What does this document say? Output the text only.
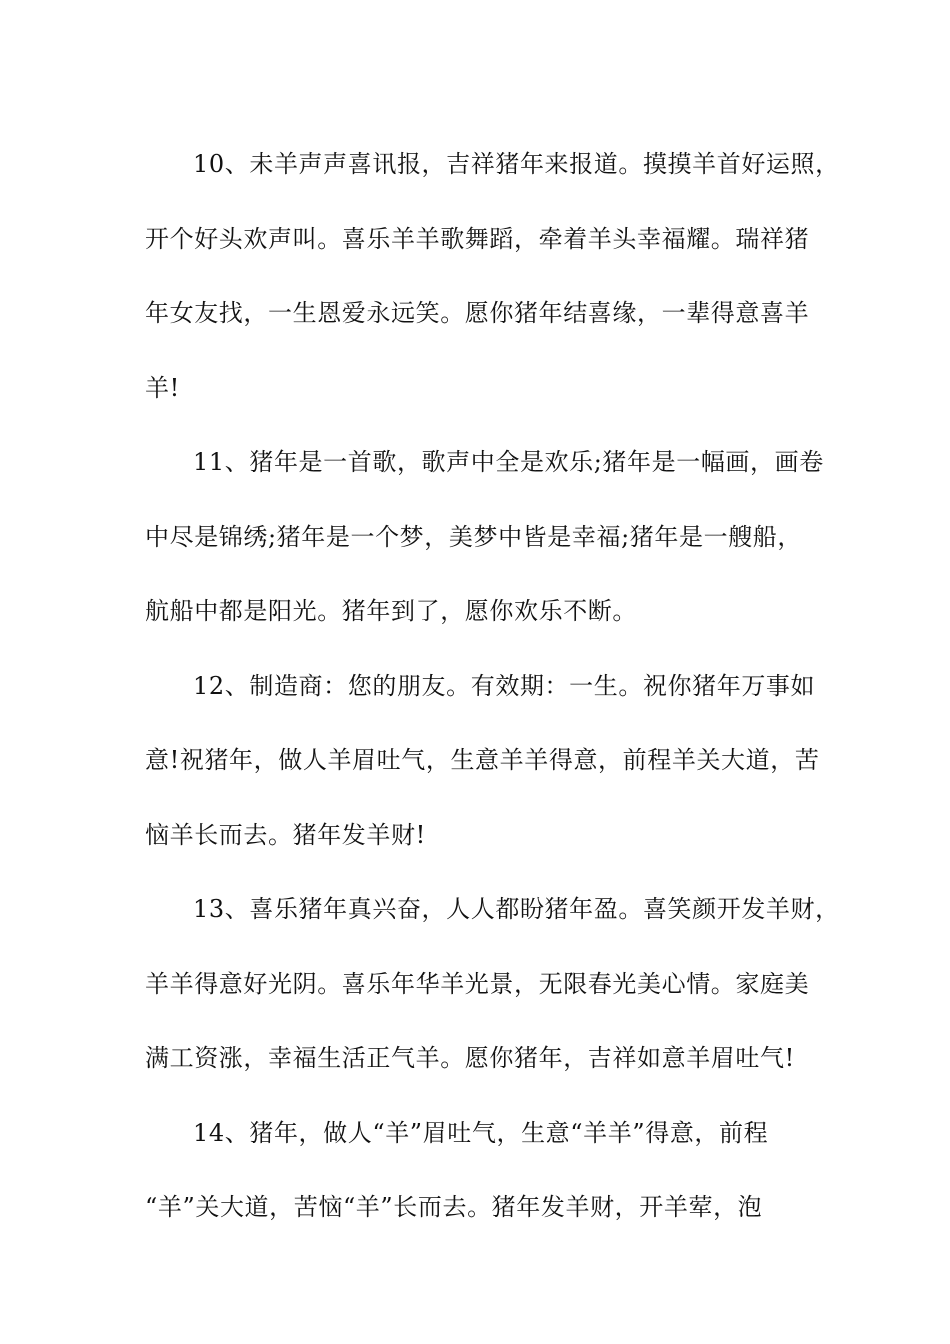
10、未羊声声喜讯报，吉祥猪年来报道。摸摸羊首好运照，
开个好头欢声叫。喜乐羊羊歌舞蹈，牵着羊头幸福耀。瑞祥猪
年女友找，一生恩爱永远笑。愿你猪年结喜缘，一辈得意喜羊
羊!
11、猪年是一首歌，歌声中全是欢乐;猪年是一幅画，画卷
中尽是锦绣;猪年是一个梦，美梦中皆是幸福;猪年是一艘船，
航船中都是阳光。猪年到了，愿你欢乐不断。
12、制造商：您的朋友。有效期：一生。祝你猪年万事如
意!祝猪年，做人羊眉吐气，生意羊羊得意，前程羊关大道，苦
恼羊长而去。猪年发羊财!
13、喜乐猪年真兴奋，人人都盼猪年盈。喜笑颜开发羊财，
羊羊得意好光阴。喜乐年华羊光景，无限春光美心情。家庭美
满工资涨，幸福生活正气羊。愿你猪年，吉祥如意羊眉吐气!
14、猪年，做人“羊”眉吐气，生意“羊羊”得意，前程
“羊”关大道，苦恼“羊”长而去。猪年发羊财，开羊荤，泡
